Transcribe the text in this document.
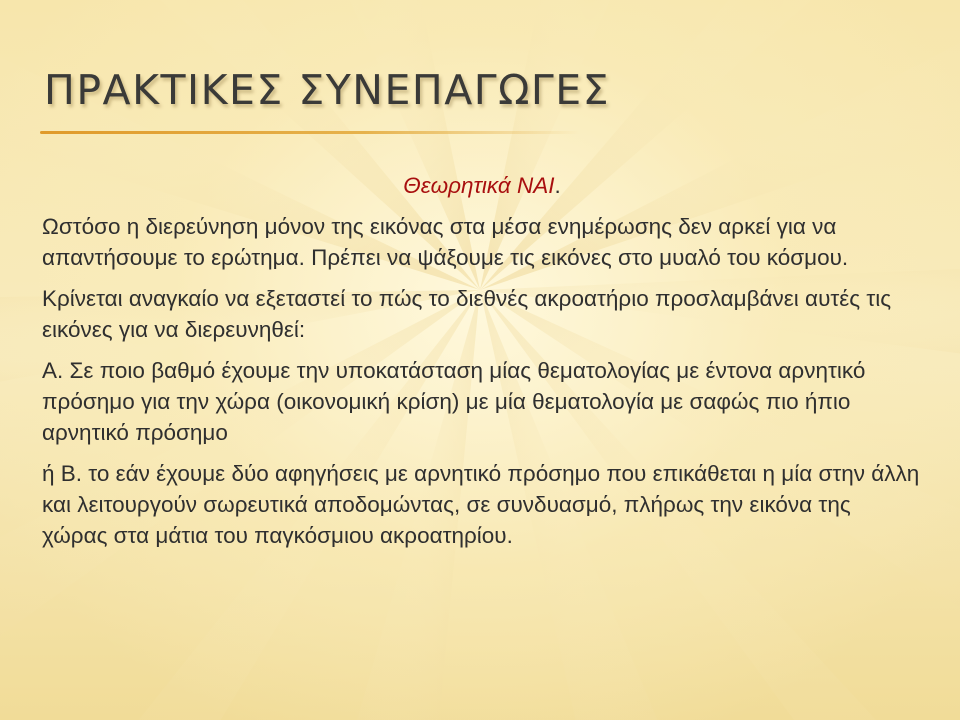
ΠΡΑΚΤΙΚΕΣ ΣΥΝΕΠΑΓΩΓΕΣ

Θεωρητικά ΝΑΙ.

Ωστόσο η διερεύνηση μόνον της εικόνας στα μέσα ενημέρωσης δεν αρκεί για να απαντήσουμε το ερώτημα. Πρέπει να ψάξουμε τις εικόνες στο μυαλό του κόσμου.

Κρίνεται αναγκαίο να εξεταστεί το πώς το διεθνές ακροατήριο προσλαμβάνει αυτές τις εικόνες για να διερευνηθεί:

Α. Σε ποιο βαθμό έχουμε την υποκατάσταση μίας θεματολογίας με έντονα αρνητικό πρόσημο για την χώρα (οικονομική κρίση) με μία θεματολογία με σαφώς πιο ήπιο αρνητικό πρόσημο

ή Β. το εάν έχουμε δύο αφηγήσεις με αρνητικό πρόσημο που επικάθεται η μία στην άλλη και λειτουργούν σωρευτικά αποδομώντας, σε συνδυασμό, πλήρως την εικόνα της χώρας στα μάτια του παγκόσμιου ακροατηρίου.
